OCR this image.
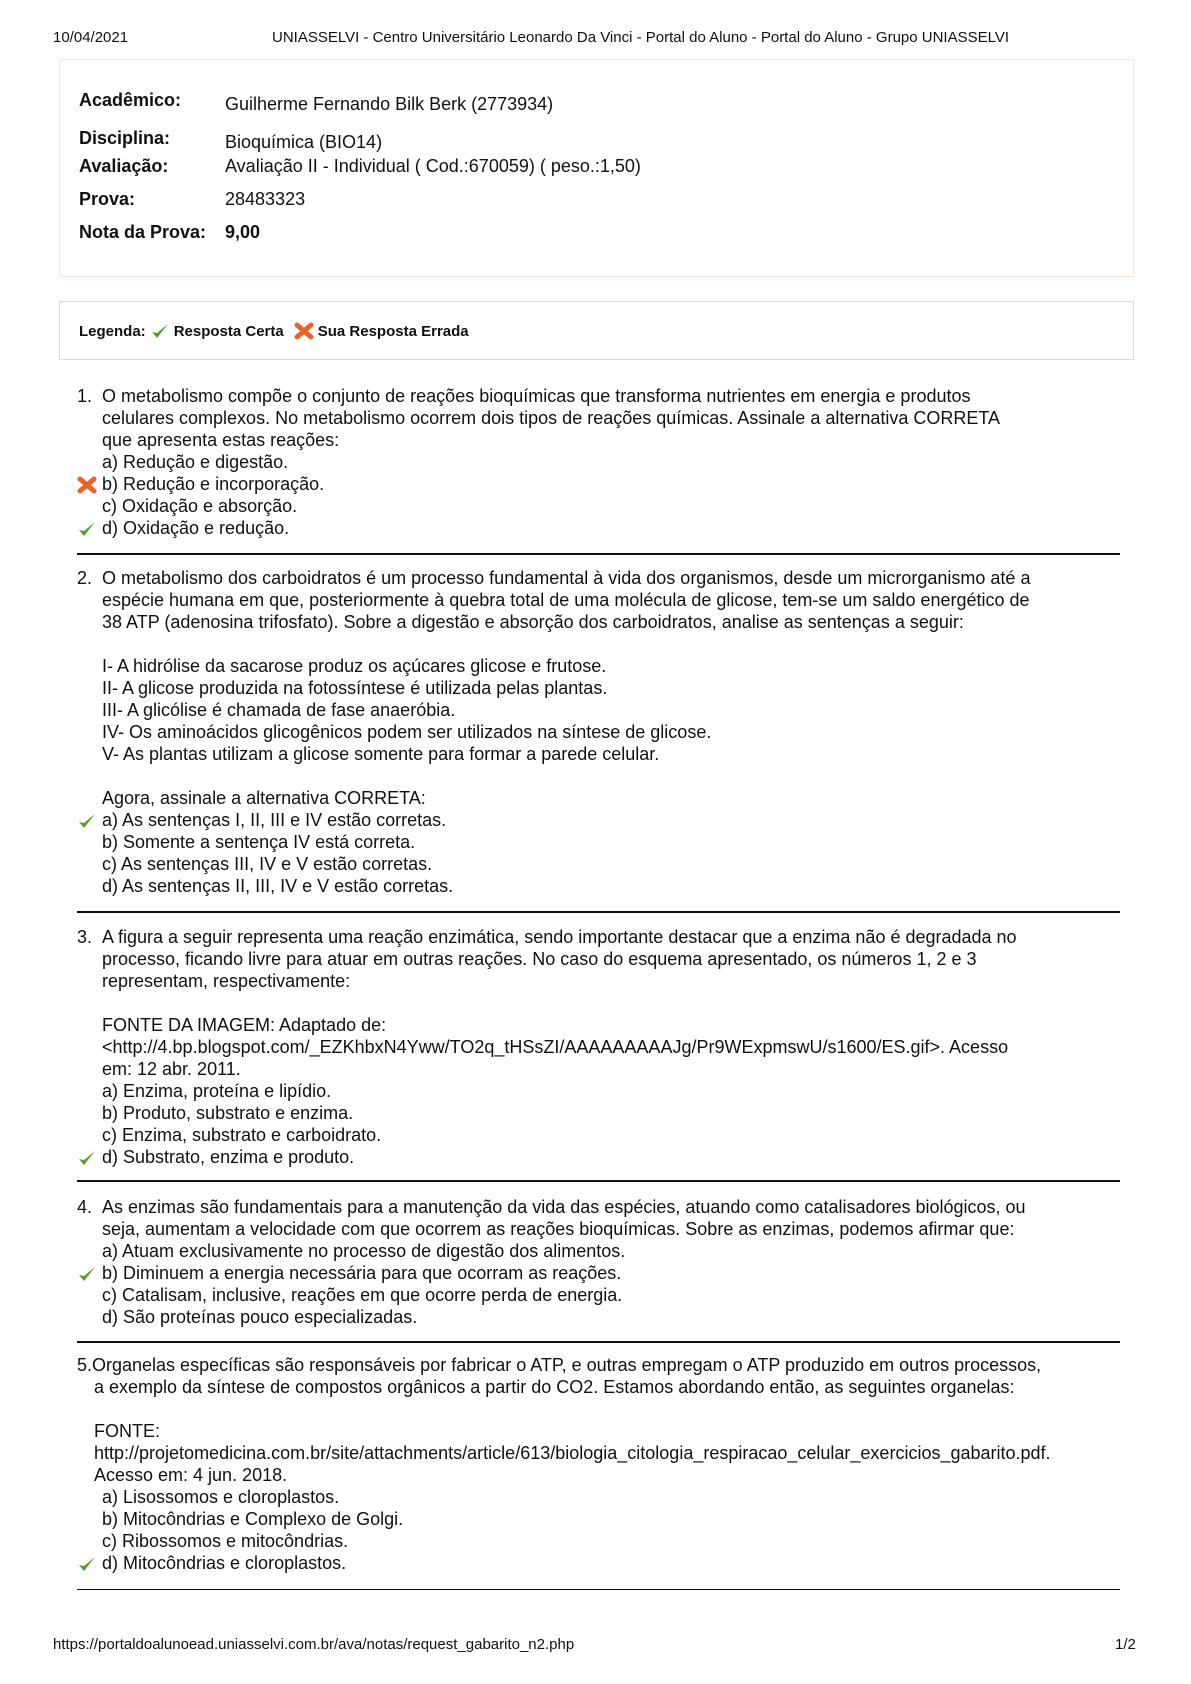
10/04/2021	UNIASSELVI - Centro Universitário Leonardo Da Vinci - Portal do Aluno - Portal do Aluno - Grupo UNIASSELVI
Acadêmico: Guilherme Fernando Bilk Berk (2773934)
Disciplina:	Bioquímica (BIO14)
Avaliação:	Avaliação II - Individual ( Cod.:670059) ( peso.:1,50)
Prova:	28483323
Nota da Prova: 9,00
Legenda: Resposta Certa Sua Resposta Errada
1. O metabolismo compõe o conjunto de reações bioquímicas que transforma nutrientes em energia e produtos
celulares complexos. No metabolismo ocorrem dois tipos de reações químicas. Assinale a alternativa CORRETA
que apresenta estas reações:
a) Redução e digestão.
b) Redução e incorporação.
c) Oxidação e absorção.
d) Oxidação e redução.
2. O metabolismo dos carboidratos é um processo fundamental à vida dos organismos, desde um microrganismo até a
espécie humana em que, posteriormente à quebra total de uma molécula de glicose, tem-se um saldo energético de
38 ATP (adenosina trifosfato). Sobre a digestão e absorção dos carboidratos, analise as sentenças a seguir:
I- A hidrólise da sacarose produz os açúcares glicose e frutose.
II- A glicose produzida na fotossíntese é utilizada pelas plantas.
III- A glicólise é chamada de fase anaeróbia.
IV- Os aminoácidos glicogênicos podem ser utilizados na síntese de glicose.
V- As plantas utilizam a glicose somente para formar a parede celular.
Agora, assinale a alternativa CORRETA:
a) As sentenças I, II, III e IV estão corretas.
b) Somente a sentença IV está correta.
c) As sentenças III, IV e V estão corretas.
d) As sentenças II, III, IV e V estão corretas.
3. A figura a seguir representa uma reação enzimática, sendo importante destacar que a enzima não é degradada no
processo, ficando livre para atuar em outras reações. No caso do esquema apresentado, os números 1, 2 e 3
representam, respectivamente:
FONTE DA IMAGEM: Adaptado de:
<http://4.bp.blogspot.com/_EZKhbxN4Yww/TO2q_tHSsZI/AAAAAAAAAJg/Pr9WExpmswU/s1600/ES.gif>. Acesso
em: 12 abr. 2011.
a) Enzima, proteína e lipídio.
b) Produto, substrato e enzima.
c) Enzima, substrato e carboidrato.
d) Substrato, enzima e produto.
4. As enzimas são fundamentais para a manutenção da vida das espécies, atuando como catalisadores biológicos, ou
seja, aumentam a velocidade com que ocorrem as reações bioquímicas. Sobre as enzimas, podemos afirmar que:
a) Atuam exclusivamente no processo de digestão dos alimentos.
b) Diminuem a energia necessária para que ocorram as reações.
c) Catalisam, inclusive, reações em que ocorre perda de energia.
d) São proteínas pouco especializadas.
5.Organelas específicas são responsáveis por fabricar o ATP, e outras empregam o ATP produzido em outros processos,
a exemplo da síntese de compostos orgânicos a partir do CO2. Estamos abordando então, as seguintes organelas:
FONTE:
http://projetomedicina.com.br/site/attachments/article/613/biologia_citologia_respiracao_celular_exercicios_gabarito.pdf.
Acesso em: 4 jun. 2018.
a) Lisossomos e cloroplastos.
b) Mitocôndrias e Complexo de Golgi.
c) Ribossomos e mitocôndrias.
d) Mitocôndrias e cloroplastos.
https://portaldoalunoead.uniasselvi.com.br/ava/notas/request_gabarito_n2.php	1/2
